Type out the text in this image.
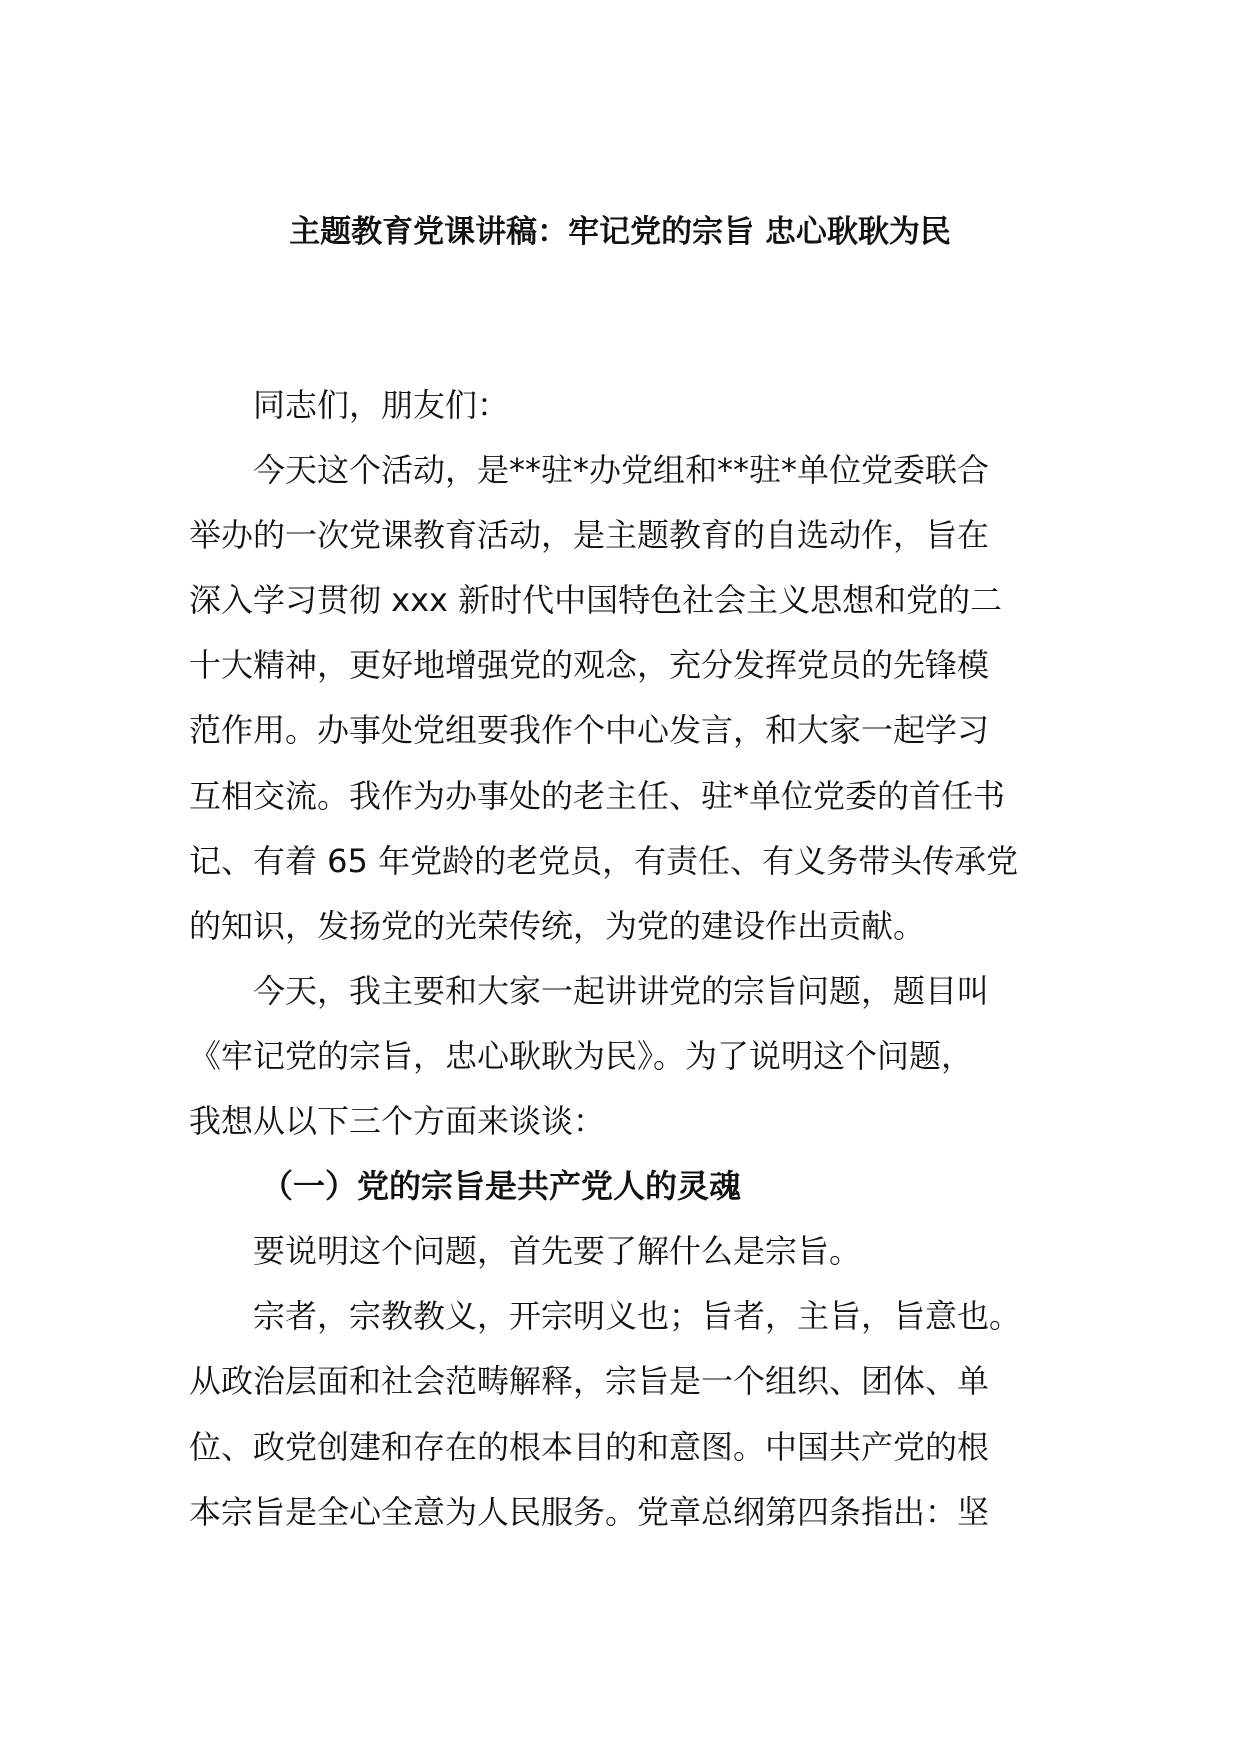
主题教育党课讲稿：牢记党的宗旨 忠心耿耿为民
同志们，朋友们：
今天这个活动，是**驻*办党组和**驻*单位党委联合
举办的一次党课教育活动，是主题教育的自选动作，旨在
深入学习贯彻 xxx 新时代中国特色社会主义思想和党的二
十大精神，更好地增强党的观念，充分发挥党员的先锋模
范作用。办事处党组要我作个中心发言，和大家一起学习
互相交流。我作为办事处的老主任、驻*单位党委的首任书
记、有着 65 年党龄的老党员，有责任、有义务带头传承党
的知识，发扬党的光荣传统，为党的建设作出贡献。
今天，我主要和大家一起讲讲党的宗旨问题，题目叫
《牢记党的宗旨，忠心耿耿为民》。为了说明这个问题，
我想从以下三个方面来谈谈：
（一）党的宗旨是共产党人的灵魂
要说明这个问题，首先要了解什么是宗旨。
宗者，宗教教义，开宗明义也；旨者，主旨，旨意也。
从政治层面和社会范畴解释，宗旨是一个组织、团体、单
位、政党创建和存在的根本目的和意图。中国共产党的根
本宗旨是全心全意为人民服务。党章总纲第四条指出：坚
